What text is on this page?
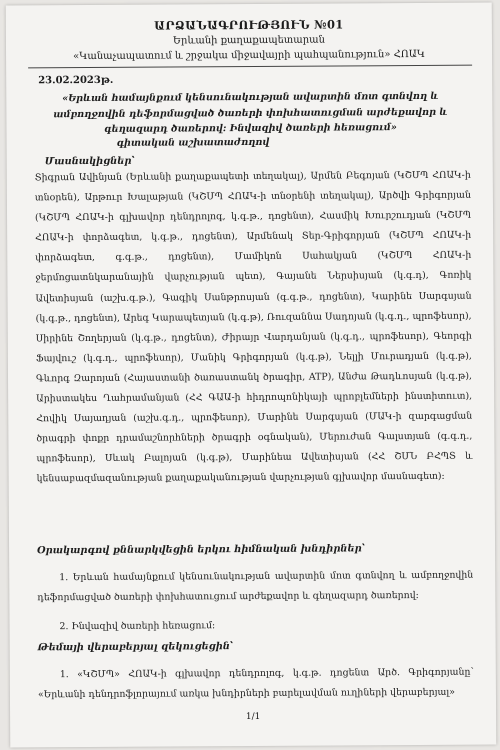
ԱՐՁԱՆԱԳՐՈՒԹՅՈՒՆ №01
Երևանի քաղաքապետարան
«Կանաչապատում և շրջակա միջավայրի պահպանություն» ՀՈԱԿ
23.02.2023թ.
«Երևան համայնքում կենսունակության ավարտին մոտ գտնվող և ամբողջովին դեֆորմացված ծառերի փոխհատուցման արժեքավոր և գեղազարդ ծառերով: Ինվազիվ ծառերի հեռացում»
գիտական աշխատաժողով
Մասնակիցներ՝
Տիգրան Ավինյան (Երևանի քաղաքապետի տեղակալ), Արմեն Բեգոյան (ԿՇՄՊ ՀՈԱԿ-ի տնօրեն), Արթուր Խալաթյան (ԿՇՄՊ ՀՈԱԿ-ի տնօրենի տեղակալ), Արծվի Գրիգորյան (ԿՇՄՊ ՀՈԱԿ-ի գլխավոր դենդրոլոգ, կ.գ.թ., դոցենտ), Հասմիկ Խուրշուդյան (ԿՇՄՊ ՀՈԱԿ-ի փորձագետ, կ.գ.թ., դոցենտ), Արմենակ Տեր-Գրիգորյան (ԿՇՄՊ ՀՈԱԿ-ի փորձագետ, գ.գ.թ., դոցենտ), Մամիկոն Սահակյան (ԿՇՄՊ ՀՈԱԿ-ի ջերմոցատնկարանային վարչության պետ), Գայանե Ներսիսյան (կ.գ.դ), Գոռիկ Ավետիսյան (աշխ.գ.թ.), Գագիկ Սանթրոսյան (գ.գ.թ., դոցենտ), Կարինե Սարգսյան (կ.գ.թ., դոցենտ), Արեգ Կարապետյան (կ.գ.թ), Ռուզաննա Սադոյան (կ.գ.դ., պրոֆեսոր), Սիրինե Շողերյան (կ.գ.թ., դոցենտ), Ժիրայր Վարդանյան (կ.գ.դ., պրոֆեսոր), Գեորգի Ֆայվուշ (կ.գ.դ., պրոֆեսոր), Մանիկ Գրիգորյան (կ.գ.թ), Նելլի Մուրադյան (կ.գ.թ), Գևորգ Զարոյան (Հայաստանի ծառաստանկ ծրագիր, ATP), Անժա Թադևոսյան (կ.գ.թ), Արիստակես Ղահրամանյան (ՀՀ ԳԱԱ-ի հիդրոպոնիկայի պրոբլեմների ինստիտուտ), Հովիկ Սայադյան (աշխ.գ.դ., պրոֆեսոր), Մարինե Սարգսյան (ՄԱԿ-ի զարգացման ծրագրի փոքր դրամաշնորհների ծրագրի օգնական), Մերուժան Գալստյան (գ.գ.դ., պրոֆեսոր), Սևակ Բալոյան (կ.գ.թ), Մարինեա Ավետիսյան (ՀՀ ՇՄՆ ԲՀՊՏ և կենսաբազմազանության քաղաքականության վարչության գլխավոր մասնագետ):
Օրակարգով քննարկվեցին երկու հիմնական խնդիրներ՝
1. Երևան համայնքում կենսունակության ավարտին մոտ գտնվող և ամբողջովին դեֆորմացված ծառերի փոխհատուցում արժեքավոր և գեղազարդ ծառերով:
2. Ինվազիվ ծառերի հեռացում:
Թեմայի վերաբերյալ զեկուցեցին՝
1. «ԿՇՄՊ» ՀՈԱԿ-ի գլխավոր դենդրոլոգ, կ.գ.թ. դոցենտ Արծ. Գրիգորյանը՝ «Երևանի դենդրոֆլորայում առկա խնդիրների բարելավման ուղիների վերաբերյալ»
1/1
